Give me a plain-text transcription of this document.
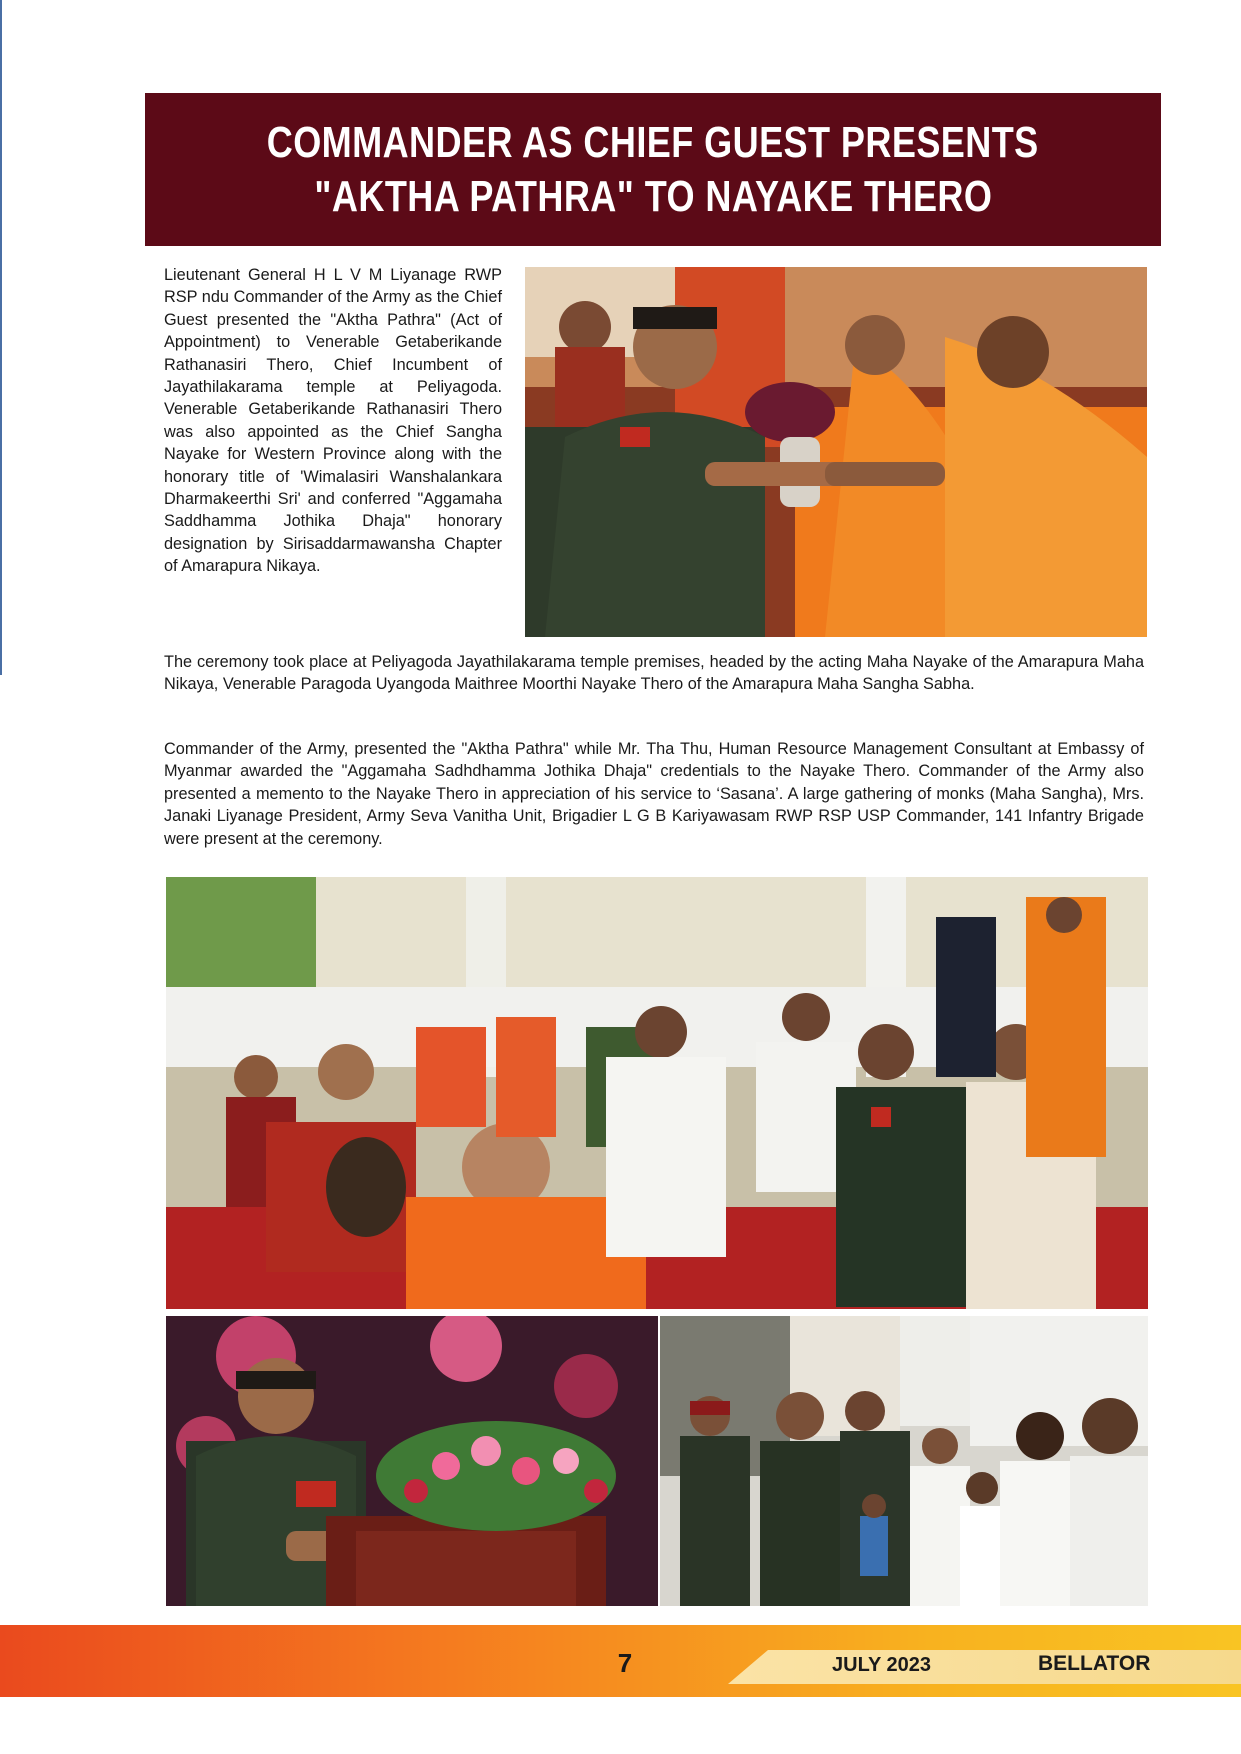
COMMANDER AS CHIEF GUEST PRESENTS
"AKTHA PATHRA" TO NAYAKE THERO
Lieutenant General H L V M Liyanage RWP RSP ndu Commander of the Army as the Chief Guest presented the "Aktha Pathra" (Act of Appointment) to Venerable Getaberikande Rathanasiri Thero, Chief Incumbent of Jayathilakarama temple at Peliyagoda. Venerable Getaberikande Rathanasiri Thero was also appointed as the Chief Sangha Nayake for Western Province along with the honorary title of 'Wimalasiri Wanshalankara Dharmakeerthi Sri' and conferred "Aggamaha Saddhamma Jothika Dhaja" honorary designation by Sirisaddarmawansha Chapter of Amarapura Nikaya.
The ceremony took place at Peliyagoda Jayathilakarama temple premises, headed by the acting Maha Nayake of the Amarapura Maha Nikaya, Venerable Paragoda Uyangoda Maithree Moorthi Nayake Thero of the Amarapura Maha Sangha Sabha.
Commander of the Army, presented the "Aktha Pathra" while Mr. Tha Thu, Human Resource Management Consultant at Embassy of Myanmar awarded the "Aggamaha Sadhdhamma Jothika Dhaja" credentials to the Nayake Thero. Commander of the Army also presented a memento to the Nayake Thero in appreciation of his service to ‘Sasana’. A large gathering of monks (Maha Sangha), Mrs. Janaki Liyanage President, Army Seva Vanitha Unit, Brigadier L G B Kariyawasam RWP RSP USP Commander, 141 Infantry Brigade were present at the ceremony.
7	JULY 2023	BELLATOR
